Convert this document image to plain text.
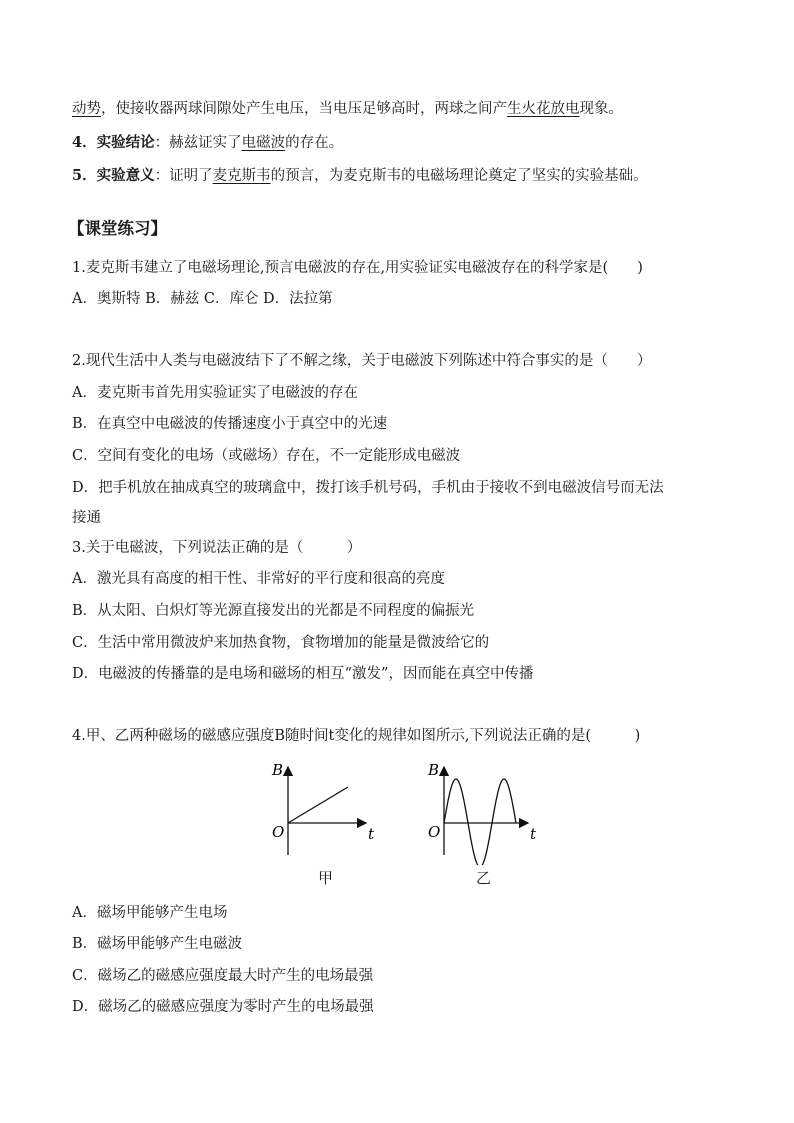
动势，使接收器两球间隙处产生电压，当电压足够高时，两球之间产生火花放电现象。
4．实验结论：赫兹证实了电磁波的存在。
5．实验意义：证明了麦克斯韦的预言，为麦克斯韦的电磁场理论奠定了坚实的实验基础。
【课堂练习】
1.麦克斯韦建立了电磁场理论,预言电磁波的存在,用实验证实电磁波存在的科学家是(　　)
A．奥斯特 B．赫兹 C．库仑 D．法拉第
2.现代生活中人类与电磁波结下了不解之缘，关于电磁波下列陈述中符合事实的是（　　）
A．麦克斯韦首先用实验证实了电磁波的存在
B．在真空中电磁波的传播速度小于真空中的光速
C．空间有变化的电场（或磁场）存在，不一定能形成电磁波
D．把手机放在抽成真空的玻璃盒中，拨打该手机号码，手机由于接收不到电磁波信号而无法
接通
3.关于电磁波，下列说法正确的是（　　　）
A．激光具有高度的相干性、非常好的平行度和很高的亮度
B．从太阳、白炽灯等光源直接发出的光都是不同程度的偏振光
C．生活中常用微波炉来加热食物，食物增加的能量是微波给它的
D．电磁波的传播靠的是电场和磁场的相互“激发”，因而能在真空中传播
4.甲、乙两种磁场的磁感应强度B随时间t变化的规律如图所示,下列说法正确的是(　　　)
A．磁场甲能够产生电场
B．磁场甲能够产生电磁波
C．磁场乙的磁感应强度最大时产生的电场最强
D．磁场乙的磁感应强度为零时产生的电场最强
B
O	t
B
O	t
甲	乙
